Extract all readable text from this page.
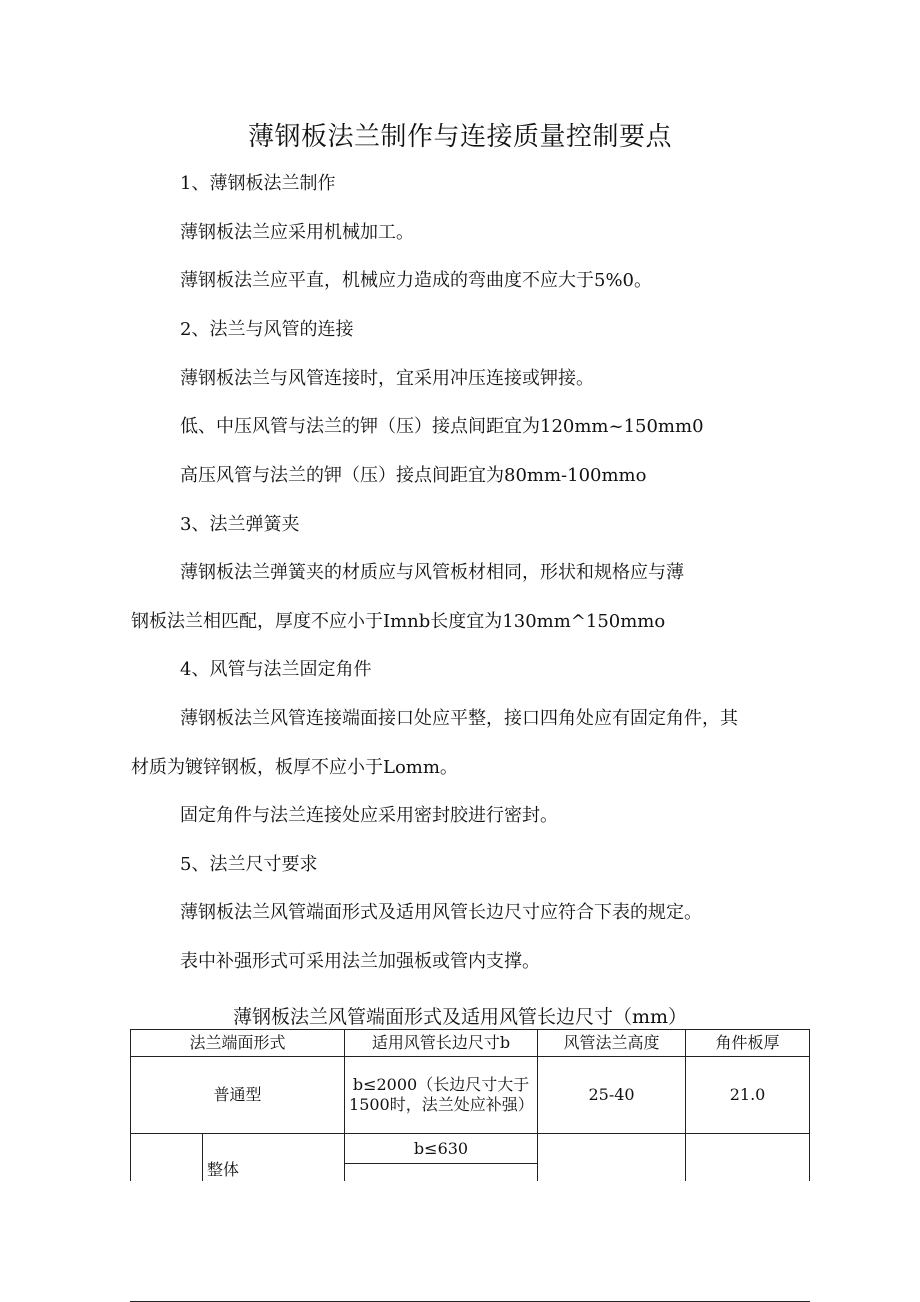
薄钢板法兰制作与连接质量控制要点
1、薄钢板法兰制作
薄钢板法兰应采用机械加工。
薄钢板法兰应平直，机械应力造成的弯曲度不应大于5%0。
2、法兰与风管的连接
薄钢板法兰与风管连接时，宜采用冲压连接或钾接。
低、中压风管与法兰的钾（压）接点间距宜为120mm~150mm0
高压风管与法兰的钾（压）接点间距宜为80mm-100mmo
3、法兰弹簧夹
薄钢板法兰弹簧夹的材质应与风管板材相同，形状和规格应与薄
钢板法兰相匹配，厚度不应小于Imnb长度宜为130mm^150mmo
4、风管与法兰固定角件
薄钢板法兰风管连接端面接口处应平整，接口四角处应有固定角件，其
材质为镀锌钢板，板厚不应小于Lomm。
固定角件与法兰连接处应采用密封胶进行密封。
5、法兰尺寸要求
薄钢板法兰风管端面形式及适用风管长边尺寸应符合下表的规定。
表中补强形式可采用法兰加强板或管内支撑。
薄钢板法兰风管端面形式及适用风管长边尺寸（mm）
法兰端面形式		适用风管长边尺寸b	风管法兰高度	角件板厚
普通型		b≤2000（长边尺寸大于1500时，法兰处应补强）	25-40	21.0
	整体	b≤630		
